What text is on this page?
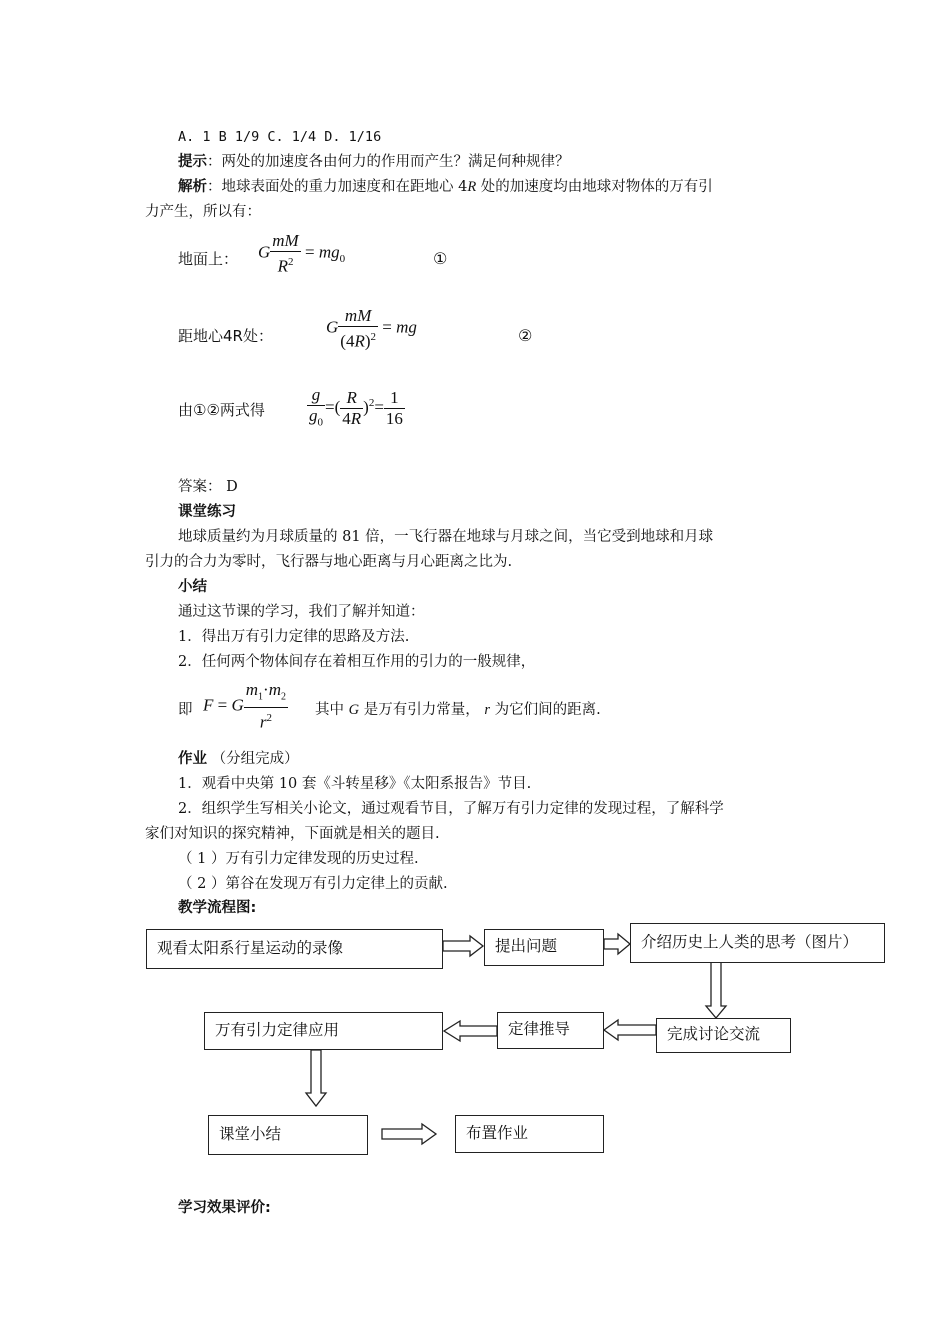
A. 1 B 1/9 C. 1/4 D. 1/16
提示：两处的加速度各由何力的作用而产生？满足何种规律？
解析：地球表面处的重力加速度和在距地心 4R 处的加速度均由地球对物体的万有引
力产生，所以有：
地面上： G $\frac{mM}{R^2} = mg_0$	①
距地心4R处：	G $\frac{mM}{(4R)^2}$ = mg	②
由①②两式得 $\frac{g}{g_0}$ =( $\frac{R}{4R} )^2= \frac{1}{16}$
答案： D
课堂练习
地球质量约为月球质量的 81 倍，一飞行器在地球与月球之间，当它受到地球和月球
引力的合力为零时，飞行器与地心距离与月心距离之比为.
小结
通过这节课的学习，我们了解并知道：
1．得出万有引力定律的思路及方法.
2．任何两个物体间存在着相互作用的引力的一般规律，
即 F = G $\frac{m_1\cdot m_2}{r^2}$ 其中 G 是万有引力常量， r 为它们间的距离.
作业 （分组完成）
1．观看中央第 10 套《斗转星移》《太阳系报告》节目.
2．组织学生写相关小论文，通过观看节目，了解万有引力定律的发现过程，了解科学
家们对知识的探究精神，下面就是相关的题目.
（ 1 ）万有引力定律发现的历史过程.
（ 2 ）第谷在发现万有引力定律上的贡献.
教学流程图:
观看太阳系行星运动的录像	提出问题	介绍历史上人类的思考（图片）
完成讨论交流
定律推导
万有引力定律应用
课堂小结	布置作业
学习效果评价:
